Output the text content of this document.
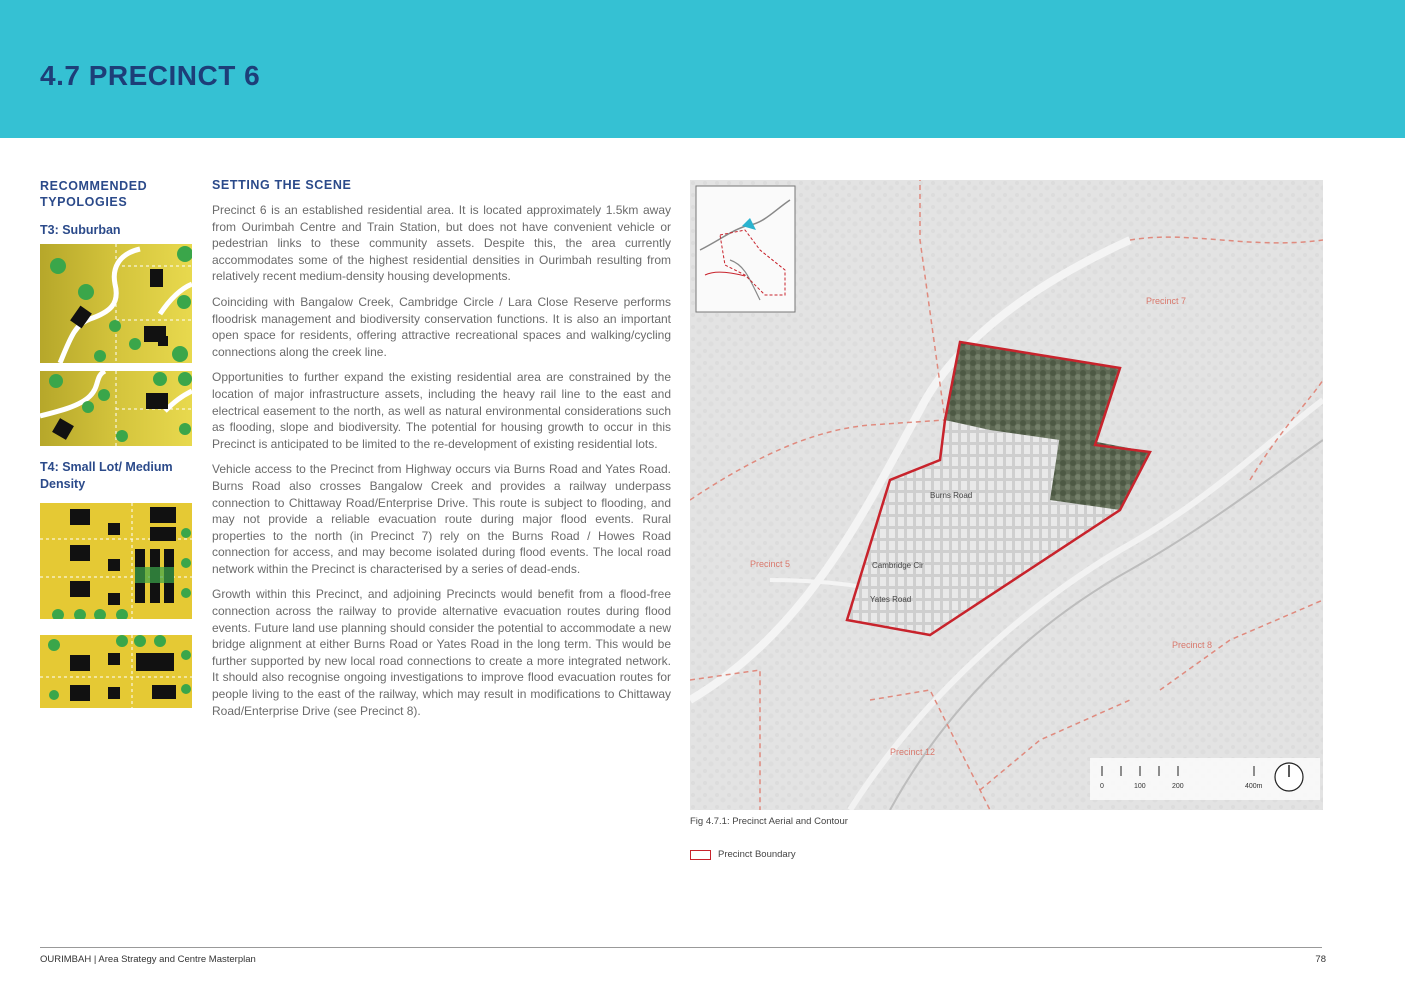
4.7 PRECINCT 6
RECOMMENDED TYPOLOGIES

T3: Suburban

T4: Small Lot/ Medium Density

SETTING THE SCENE

Precinct 6 is an established residential area. It is located approximately 1.5km away from Ourimbah Centre and Train Station, but does not have convenient vehicle or pedestrian links to these community assets. Despite this, the area currently accommodates some of the highest residential densities in Ourimbah resulting from relatively recent medium-density housing developments.

Coinciding with Bangalow Creek, Cambridge Circle / Lara Close Reserve performs floodrisk management and biodiversity conservation functions. It is also an important open space for residents, offering attractive recreational spaces and walking/cycling connections along the creek line.

Opportunities to further expand the existing residential area are constrained by the location of major infrastructure assets, including the heavy rail line to the east and electrical easement to the north, as well as natural environmental considerations such as flooding, slope and biodiversity. The potential for housing growth to occur in this Precinct is anticipated to be limited to the re-development of existing residential lots.

Vehicle access to the Precinct from Highway occurs via Burns Road and Yates Road. Burns Road also crosses Bangalow Creek and provides a railway underpass connection to Chittaway Road/Enterprise Drive. This route is subject to flooding, and may not provide a reliable evacuation route during major flood events. Rural properties to the north (in Precinct 7) rely on the Burns Road / Howes Road connection for access, and may become isolated during flood events. The local road network within the Precinct is characterised by a series of dead-ends.

Growth within this Precinct, and adjoining Precincts would benefit from a flood-free connection across the railway to provide alternative evacuation routes during flood events. Future land use planning should consider the potential to accommodate a new bridge alignment at either Burns Road or Yates Road in the long term. This would be further supported by new local road connections to create a more integrated network. It should also recognise ongoing investigations to improve flood evacuation routes for people living to the east of the railway, which may result in modifications to Chittaway Road/Enterprise Drive (see Precinct 8).

Burns Road
Cambridge Cir
Yates Road
Precinct 7
Precinct 5
Precinct 8
Precinct 12
0	100	200	400m
Fig 4.7.1: Precinct Aerial and Contour
Precinct Boundary
OURIMBAH | Area Strategy and Centre Masterplan	78
